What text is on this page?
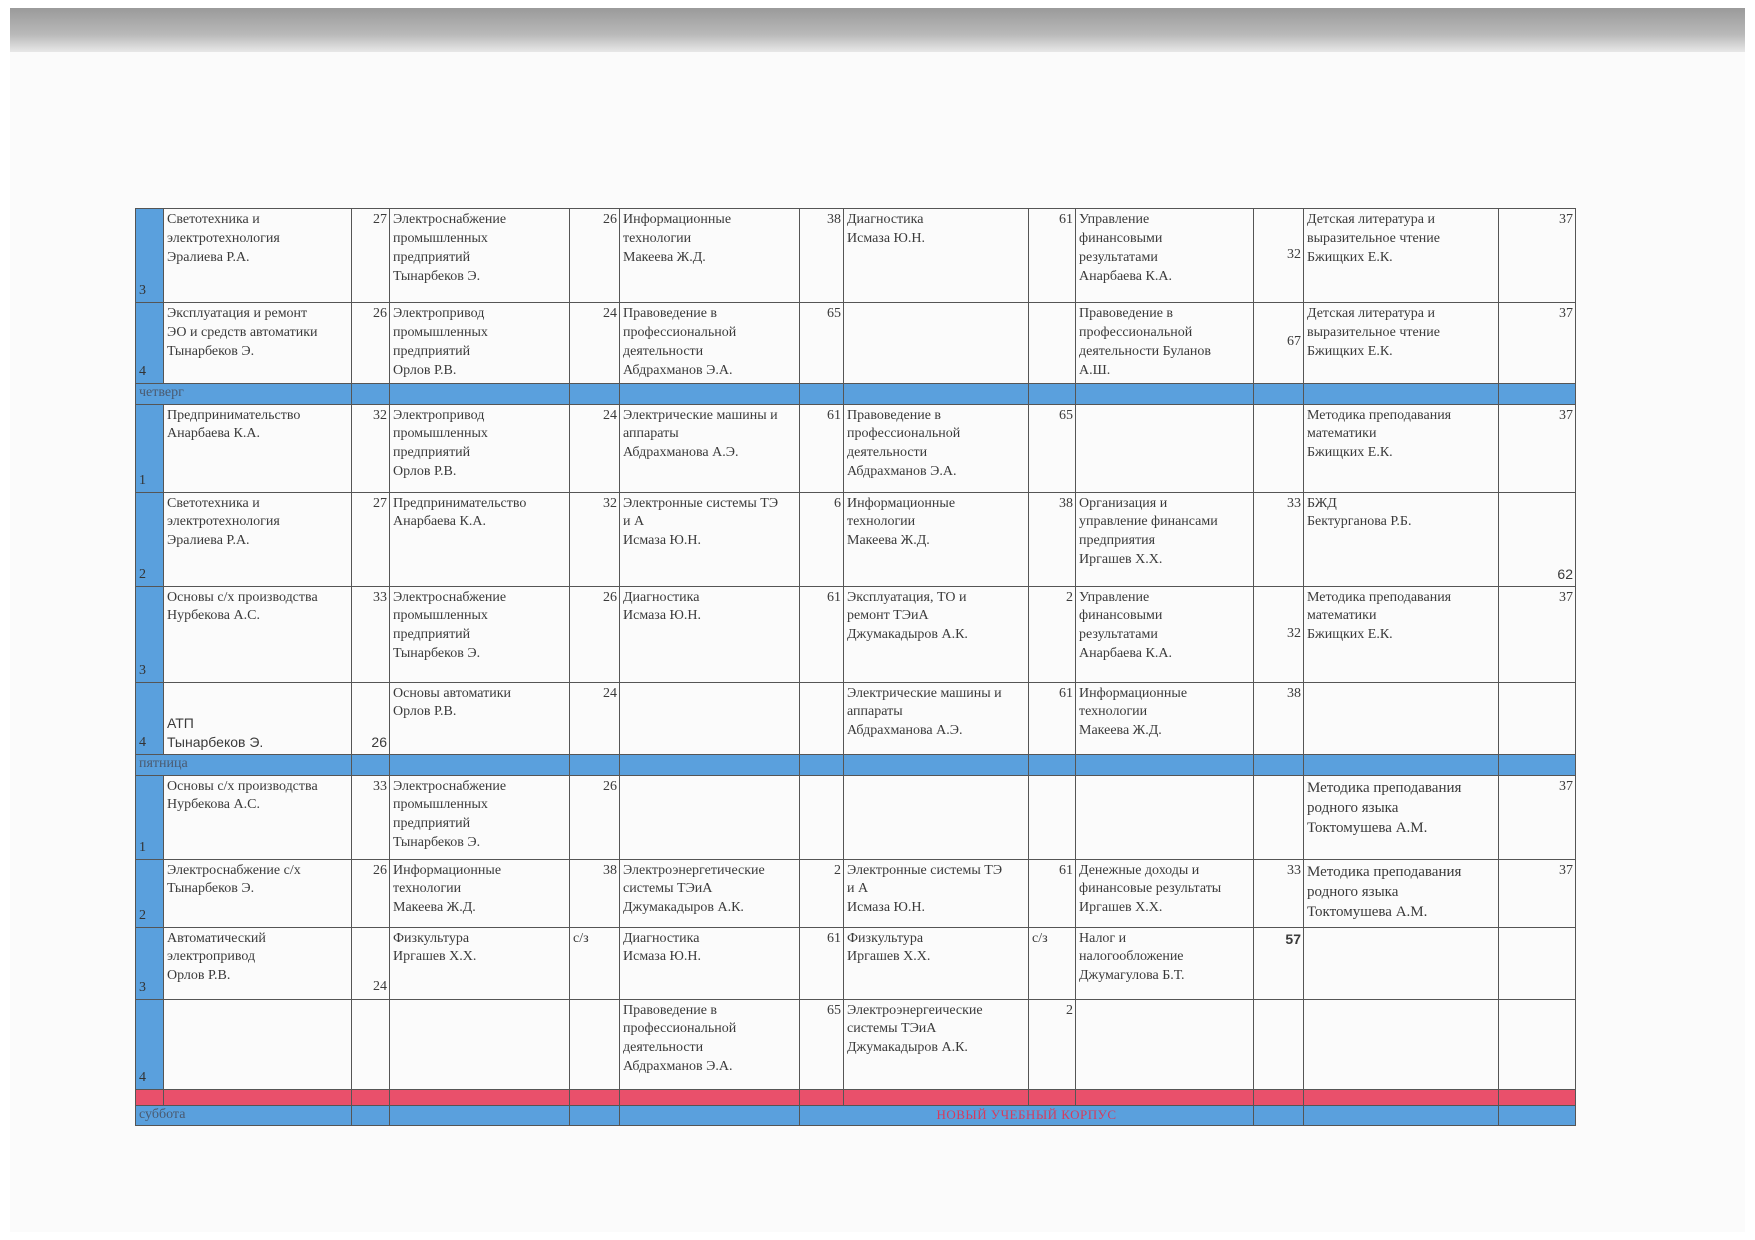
3	Светотехника и
электротехнология
Эралиева Р.А.	27	Электроснабжение
промышленных
предприятий
Тынарбеков Э.	26	Информационные
технологии
Макеева Ж.Д.	38	Диагностика
Исмаза Ю.Н.	61	Управление
финансовыми
результатами
Анарбаева К.А.	32	Детская литература и
выразительное чтение
Бжищких Е.К.	37
4	Эксплуатация и ремонт
ЭО и средств автоматики
Тынарбеков Э.	26	Электропривод
промышленных
предприятий
Орлов Р.В.	24	Правоведение в
профессиональной
деятельности
Абдрахманов Э.А.	65			Правоведение в
профессиональной
деятельности Буланов
А.Ш.	67	Детская литература и
выразительное чтение
Бжищких Е.К.	37
четверг												
1	Предпринимательство
Анарбаева К.А.	32	Электропривод
промышленных
предприятий
Орлов Р.В.	24	Электрические машины и
аппараты
Абдрахманова А.Э.	61	Правоведение в
профессиональной
деятельности
Абдрахманов Э.А.	65			Методика преподавания
математики
Бжищких Е.К.	37
2	Светотехника и
электротехнология
Эралиева Р.А.	27	Предпринимательство
Анарбаева К.А.	32	Электронные системы ТЭ
и А
Исмаза Ю.Н.	6	Информационные
технологии
Макеева Ж.Д.	38	Организация и
управление финансами
предприятия
Иргашев Х.Х.	33	БЖД
Бектурганова Р.Б.	62
3	Основы с/х производства
Нурбекова А.С.	33	Электроснабжение
промышленных
предприятий
Тынарбеков Э.	26	Диагностика
Исмаза Ю.Н.	61	Эксплуатация, ТО и
ремонт ТЭиА
Джумакадыров А.К.	2	Управление
финансовыми
результатами
Анарбаева К.А.	32	Методика преподавания
математики
Бжищких Е.К.	37
4	АТП
Тынарбеков Э.	26	Основы автоматики
Орлов Р.В.	24			Электрические машины и
аппараты
Абдрахманова А.Э.	61	Информационные
технологии
Макеева Ж.Д.	38		
пятница												
1	Основы с/х производства
Нурбекова А.С.	33	Электроснабжение
промышленных
предприятий
Тынарбеков Э.	26							Методика преподавания
родного языка
Токтомушева А.М.	37
2	Электроснабжение с/х
Тынарбеков Э.	26	Информационные
технологии
Макеева Ж.Д.	38	Электроэнергетические
системы ТЭиА
Джумакадыров А.К.	2	Электронные системы ТЭ
и А
Исмаза Ю.Н.	61	Денежные доходы и
финансовые результаты
Иргашев Х.Х.	33	Методика преподавания
родного языка
Токтомушева А.М.	37
3	Автоматический
электропривод
Орлов Р.В.	24	Физкультура
Иргашев Х.Х.	с/з	Диагностика
Исмаза Ю.Н.	61	Физкультура
Иргашев Х.Х.	с/з	Налог и
налогообложение
Джумагулова Б.Т.	57		
4					Правоведение в
профессиональной
деятельности
Абдрахманов Э.А.	65	Электроэнергеические
системы ТЭиА
Джумакадыров А.К.	2				

суббота						НОВЫЙ УЧЕБНЫЙ КОРПУС						
